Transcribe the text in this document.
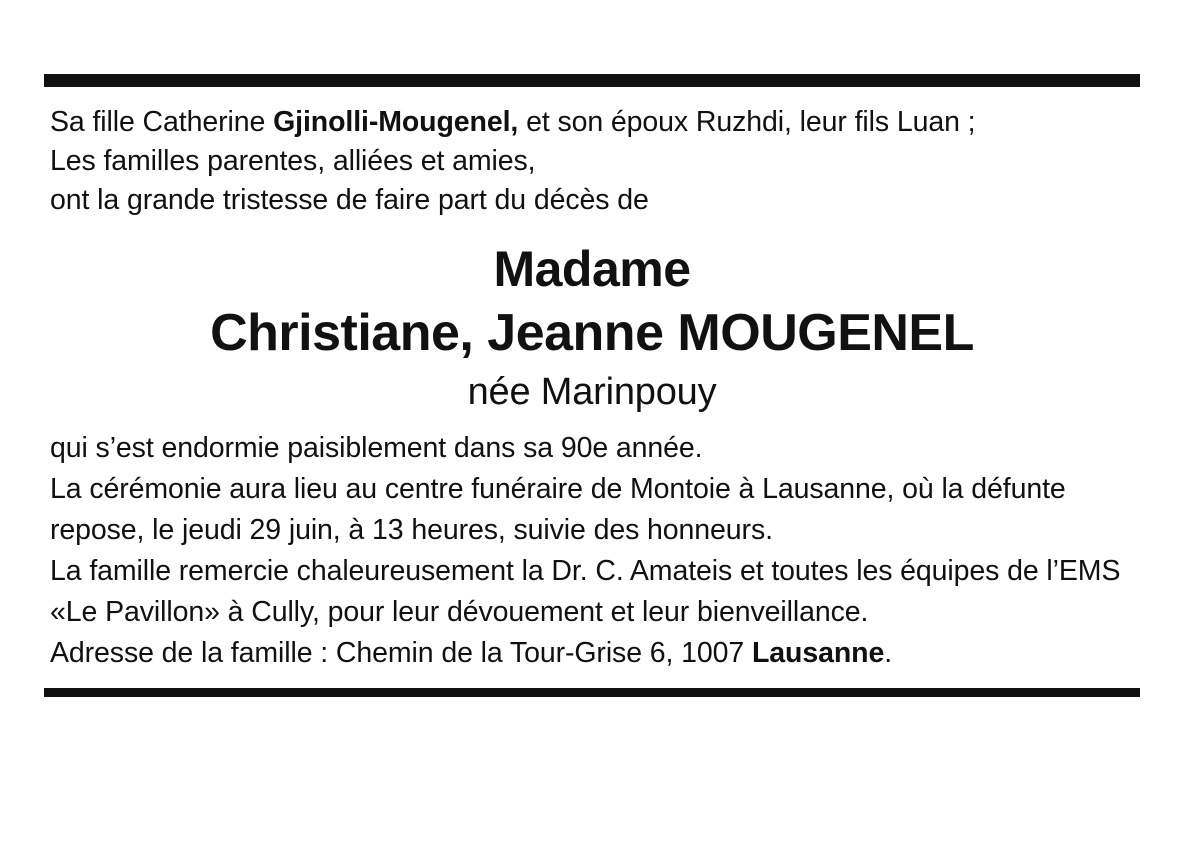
Sa fille Catherine Gjinolli-Mougenel, et son époux Ruzhdi, leur fils Luan ;
Les familles parentes, alliées et amies,
ont la grande tristesse de faire part du décès de
Madame
Christiane, Jeanne MOUGENEL
née Marinpouy
qui s’est endormie paisiblement dans sa 90e année.
La cérémonie aura lieu au centre funéraire de Montoie à Lausanne, où la défunte repose, le jeudi 29 juin, à 13 heures, suivie des honneurs.
La famille remercie chaleureusement la Dr. C. Amateis et toutes les équipes de l’EMS «Le Pavillon» à Cully, pour leur dévouement et leur bienveillance.
Adresse de la famille : Chemin de la Tour-Grise 6, 1007 Lausanne.
